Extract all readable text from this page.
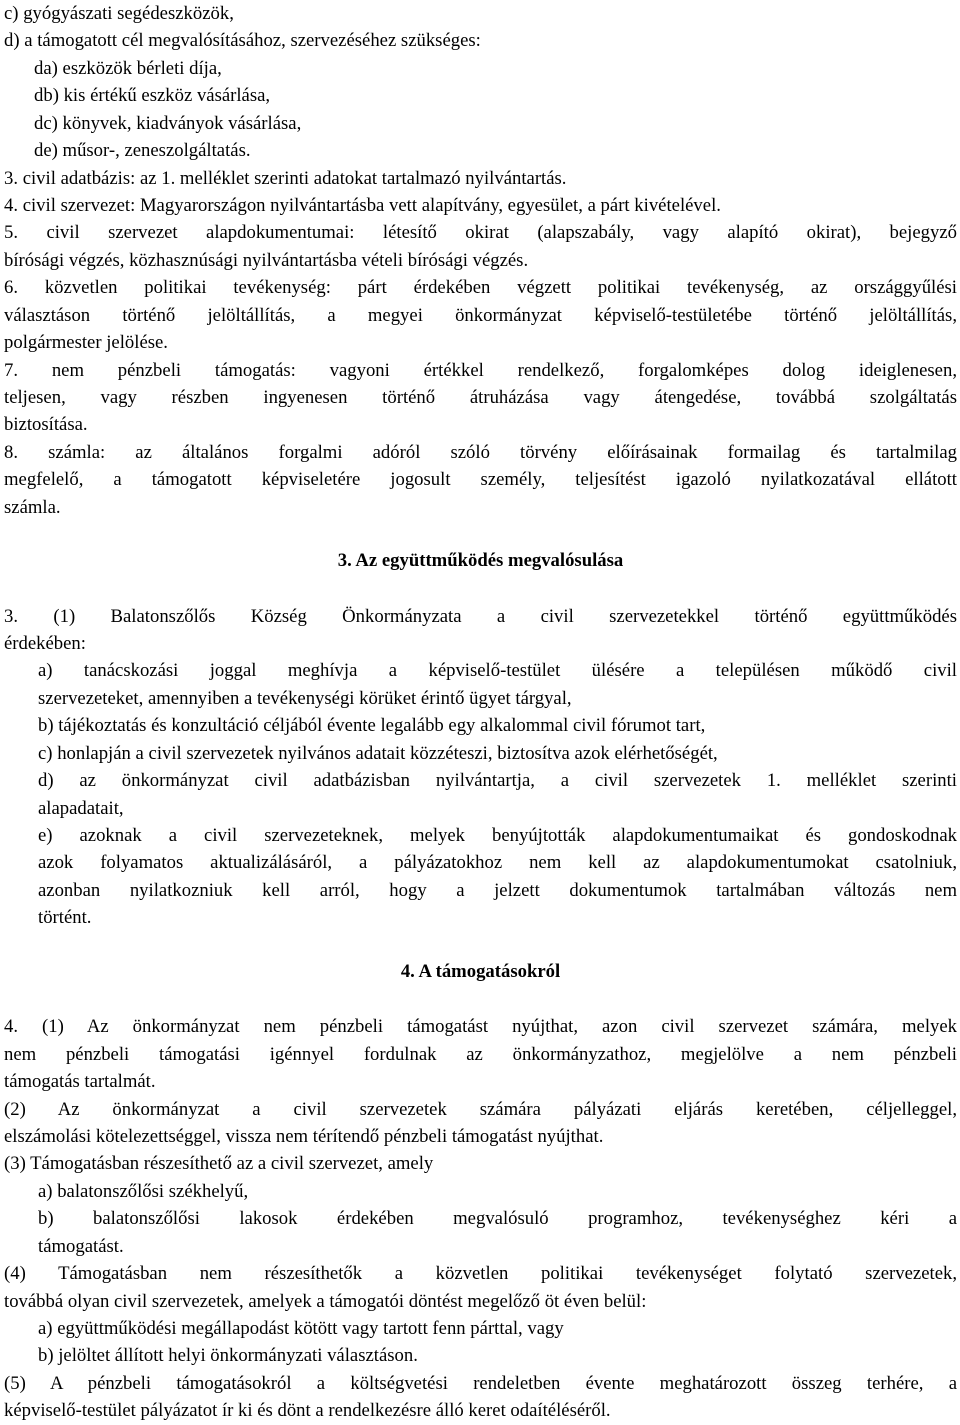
c) gyógyászati segédeszközök,
d) a támogatott cél megvalósításához, szervezéséhez szükséges:
da) eszközök bérleti díja,
db) kis értékű eszköz vásárlása,
dc) könyvek, kiadványok vásárlása,
de) műsor-, zeneszolgáltatás.
3. civil adatbázis: az 1. melléklet szerinti adatokat tartalmazó nyilvántartás.
4. civil szervezet: Magyarországon nyilvántartásba vett alapítvány, egyesület, a párt kivételével.
5. civil szervezet alapdokumentumai: létesítő okirat (alapszabály, vagy alapító okirat), bejegyző
bírósági végzés, közhasznúsági nyilvántartásba vételi bírósági végzés.
6. közvetlen politikai tevékenység: párt érdekében végzett politikai tevékenység, az országgyűlési
választáson történő jelöltállítás, a megyei önkormányzat képviselő-testületébe történő jelöltállítás,
polgármester jelölése.
7. nem pénzbeli támogatás: vagyoni értékkel rendelkező, forgalomképes dolog ideiglenesen,
teljesen, vagy részben ingyenesen történő átruházása vagy átengedése, továbbá szolgáltatás
biztosítása.
8. számla: az általános forgalmi adóról szóló törvény előírásainak formailag és tartalmilag
megfelelő, a támogatott képviseletére jogosult személy, teljesítést igazoló nyilatkozatával ellátott
számla.
3. Az együttműködés megvalósulása
3. (1) Balatonszőlős Község Önkormányzata a civil szervezetekkel történő együttműködés
érdekében:
a) tanácskozási joggal meghívja a képviselő-testület ülésére a településen működő civil
szervezeteket, amennyiben a tevékenységi körüket érintő ügyet tárgyal,
b) tájékoztatás és konzultáció céljából évente legalább egy alkalommal civil fórumot tart,
c) honlapján a civil szervezetek nyilvános adatait közzéteszi, biztosítva azok elérhetőségét,
d) az önkormányzat civil adatbázisban nyilvántartja, a civil szervezetek 1. melléklet szerinti
alapadatait,
e) azoknak a civil szervezeteknek, melyek benyújtották alapdokumentumaikat és gondoskodnak
azok folyamatos aktualizálásáról, a pályázatokhoz nem kell az alapdokumentumokat csatolniuk,
azonban nyilatkozniuk kell arról, hogy a jelzett dokumentumok tartalmában változás nem
történt.
4. A támogatásokról
4. (1) Az önkormányzat nem pénzbeli támogatást nyújthat, azon civil szervezet számára, melyek
nem pénzbeli támogatási igénnyel fordulnak az önkormányzathoz, megjelölve a nem pénzbeli
támogatás tartalmát.
(2) Az önkormányzat a civil szervezetek számára pályázati eljárás keretében, céljelleggel,
elszámolási kötelezettséggel, vissza nem térítendő pénzbeli támogatást nyújthat.
(3) Támogatásban részesíthető az a civil szervezet, amely
a) balatonszőlősi székhelyű,
b) balatonszőlősi lakosok érdekében megvalósuló programhoz, tevékenységhez kéri a
támogatást.
(4) Támogatásban nem részesíthetők a közvetlen politikai tevékenységet folytató szervezetek,
továbbá olyan civil szervezetek, amelyek a támogatói döntést megelőző öt éven belül:
a) együttműködési megállapodást kötött vagy tartott fenn párttal, vagy
b) jelöltet állított helyi önkormányzati választáson.
(5) A pénzbeli támogatásokról a költségvetési rendeletben évente meghatározott összeg terhére, a
képviselő-testület pályázatot ír ki és dönt a rendelkezésre álló keret odaítéléséről.
